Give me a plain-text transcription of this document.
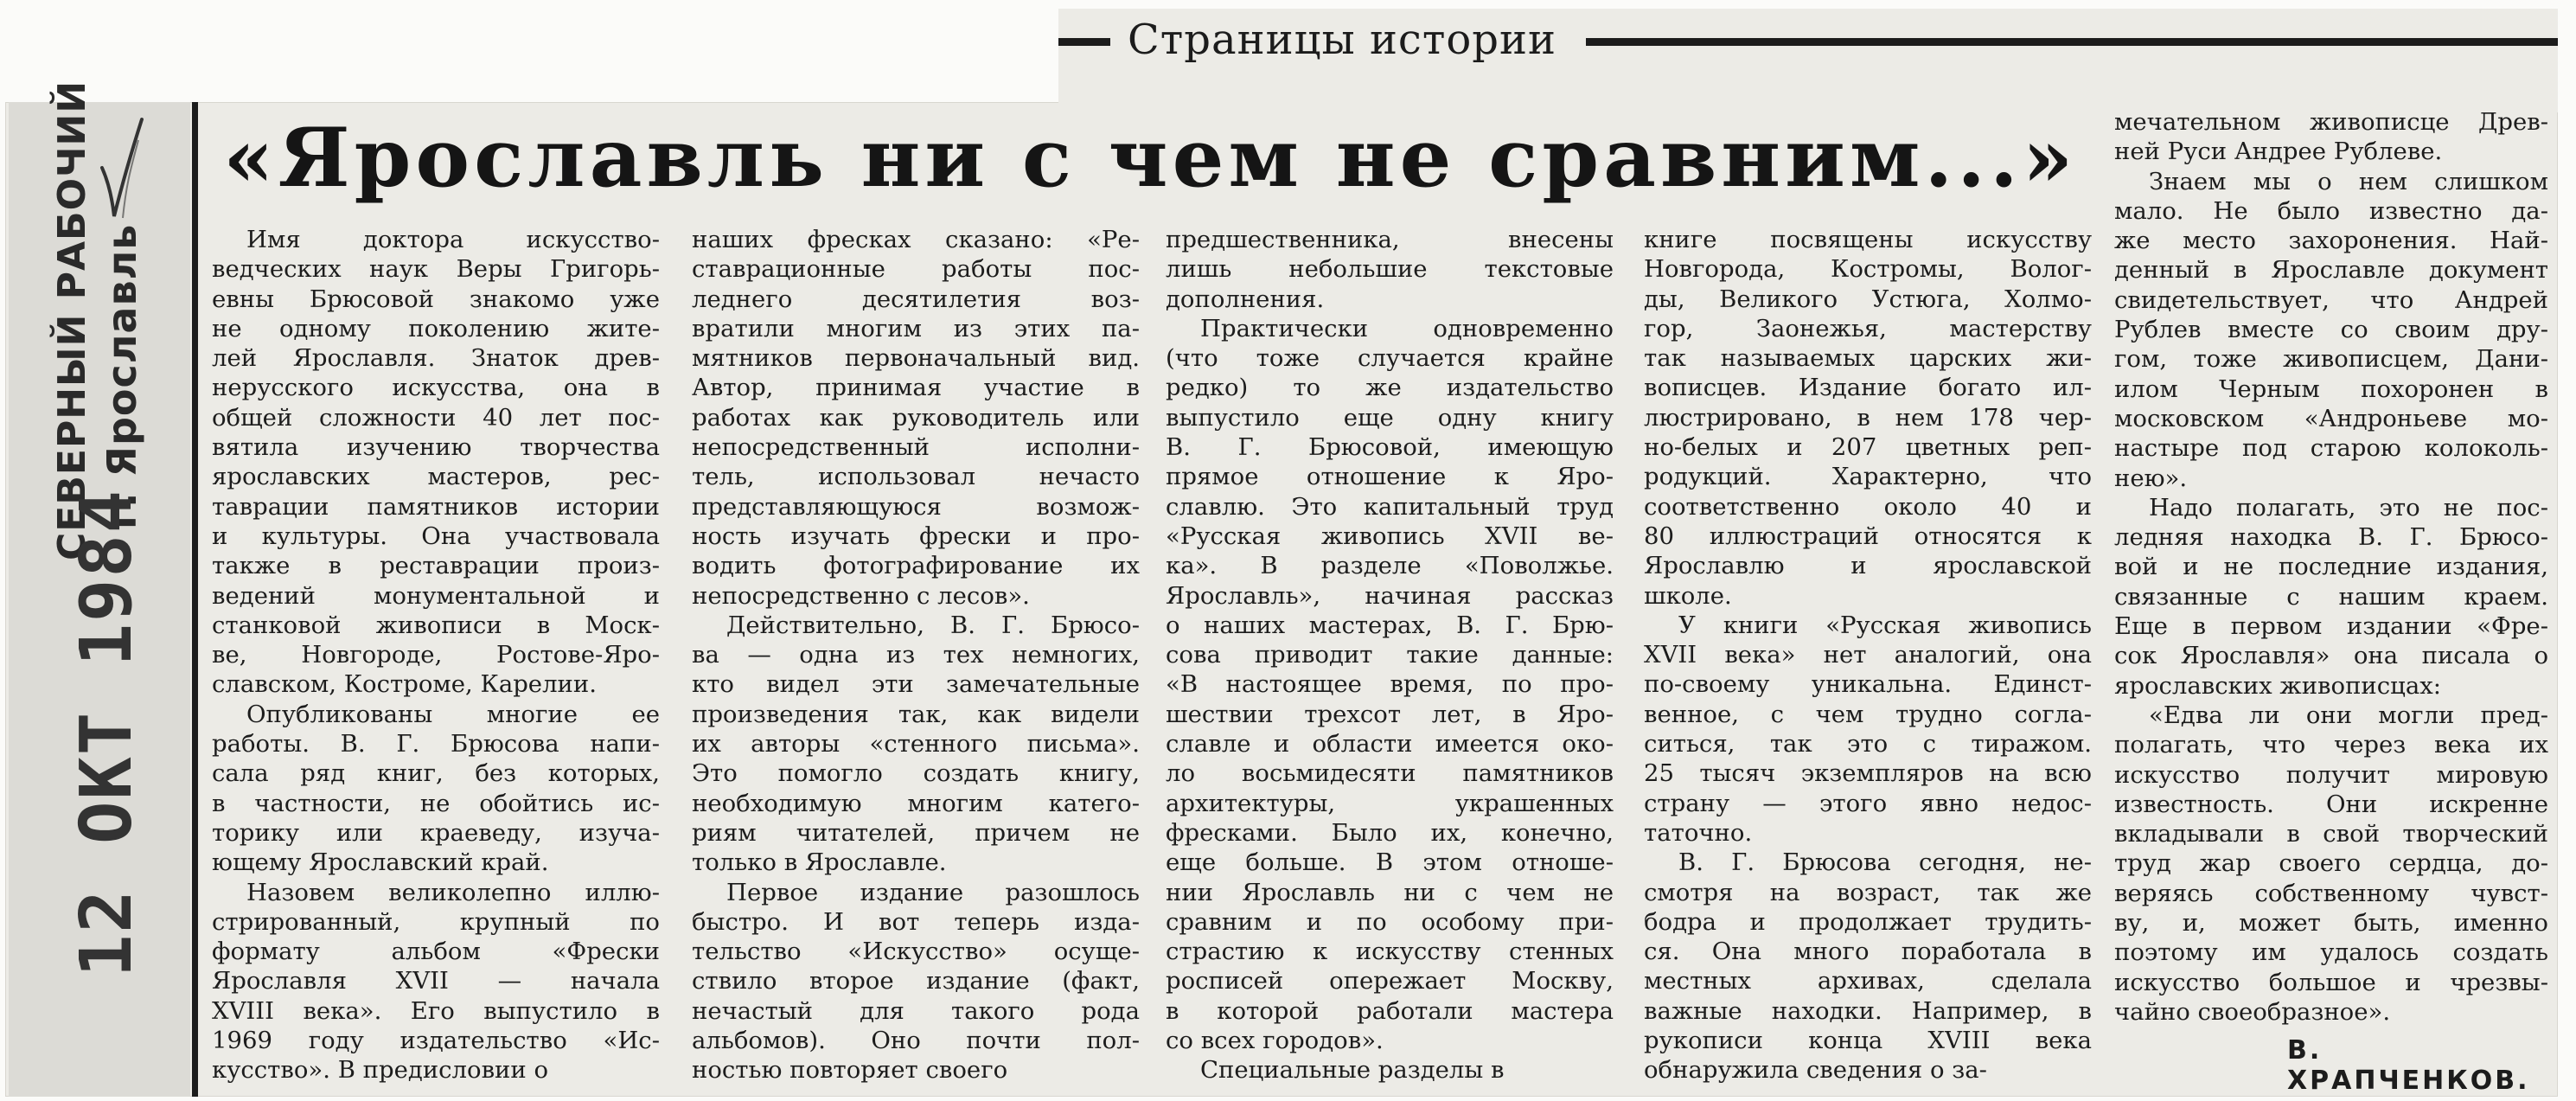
СЕВЕРНЫЙ РАБОЧИЙ г. Ярославль
12 ОКТ 1984
Страницы истории
«Ярославль ни с чем не сравним...»

Имя доктора искусство-

ведческих наук Веры Григорь-

евны Брюсовой знакомо уже

не одному поколению жите-

лей Ярославля. Знаток древ-

нерусского искусства, она в

общей сложности 40 лет пос-

вятила изучению творчества

ярославских мастеров, рес-

таврации памятников истории

и культуры. Она участвовала

также в реставрации произ-

ведений монументальной и

станковой живописи в Моск-

ве, Новгороде, Ростове-Яро-

славском, Костроме, Карелии.

Опубликованы многие ее

работы. В. Г. Брюсова напи-

сала ряд книг, без которых,

в частности, не обойтись ис-

торику или краеведу, изуча-

ющему Ярославский край.

Назовем великолепно иллю-

стрированный, крупный по

формату альбом «Фрески

Ярославля XVII — начала

XVIII века». Его выпустило в

1969 году издательство «Ис-

кусство». В предисловии о

наших фресках сказано: «Ре-

ставрационные работы пос-

леднего десятилетия воз-

вратили многим из этих па-

мятников первоначальный вид.

Автор, принимая участие в

работах как руководитель или

непосредственный исполни-

тель, использовал нечасто

представляющуюся возмож-

ность изучать фрески и про-

водить фотографирование их

непосредственно с лесов».

Действительно, В. Г. Брюсо-

ва — одна из тех немногих,

кто видел эти замечательные

произведения так, как видели

их авторы «стенного письма».

Это помогло создать книгу,

необходимую многим катего-

риям читателей, причем не

только в Ярославле.

Первое издание разошлось

быстро. И вот теперь изда-

тельство «Искусство» осуще-

ствило второе издание (факт,

нечастый для такого рода

альбомов). Оно почти пол-

ностью повторяет своего

предшественника, внесены

лишь небольшие текстовые

дополнения.

Практически одновременно

(что тоже случается крайне

редко) то же издательство

выпустило еще одну книгу

В. Г. Брюсовой, имеющую

прямое отношение к Яро-

славлю. Это капитальный труд

«Русская живопись XVII ве-

ка». В разделе «Поволжье.

Ярославль», начиная рассказ

о наших мастерах, В. Г. Брю-

сова приводит такие данные:

«В настоящее время, по про-

шествии трехсот лет, в Яро-

славле и области имеется око-

ло восьмидесяти памятников

архитектуры, украшенных

фресками. Было их, конечно,

еще больше. В этом отноше-

нии Ярославль ни с чем не

сравним и по особому при-

страстию к искусству стенных

росписей опережает Москву,

в которой работали мастера

со всех городов».

Специальные разделы в

книге посвящены искусству

Новгорода, Костромы, Волог-

ды, Великого Устюга, Холмо-

гор, Заонежья, мастерству

так называемых царских жи-

вописцев. Издание богато ил-

люстрировано, в нем 178 чер-

но-белых и 207 цветных реп-

родукций. Характерно, что

соответственно около 40 и

80 иллюстраций относятся к

Ярославлю и ярославской

школе.

У книги «Русская живопись

XVII века» нет аналогий, она

по-своему уникальна. Единст-

венное, с чем трудно согла-

ситься, так это с тиражом.

25 тысяч экземпляров на всю

страну — этого явно недос-

таточно.

В. Г. Брюсова сегодня, не-

смотря на возраст, так же

бодра и продолжает трудить-

ся. Она много поработала в

местных архивах, сделала

важные находки. Например, в

рукописи конца XVIII века

обнаружила сведения о за-

мечательном живописце Древ-

ней Руси Андрее Рублеве.

Знаем мы о нем слишком

мало. Не было известно да-

же место захоронения. Най-

денный в Ярославле документ

свидетельствует, что Андрей

Рублев вместе со своим дру-

гом, тоже живописцем, Дани-

илом Черным похоронен в

московском «Андроньеве мо-

настыре под старою колоколь-

нею».

Надо полагать, это не пос-

ледняя находка В. Г. Брюсо-

вой и не последние издания,

связанные с нашим краем.

Еще в первом издании «Фре-

сок Ярославля» она писала о

ярославских живописцах:

«Едва ли они могли пред-

полагать, что через века их

искусство получит мировую

известность. Они искренне

вкладывали в свой творческий

труд жар своего сердца, до-

веряясь собственному чувст-

ву, и, может быть, именно

поэтому им удалось создать

искусство большое и чрезвы-

чайно своеобразное».

В. ХРАПЧЕНКОВ.
